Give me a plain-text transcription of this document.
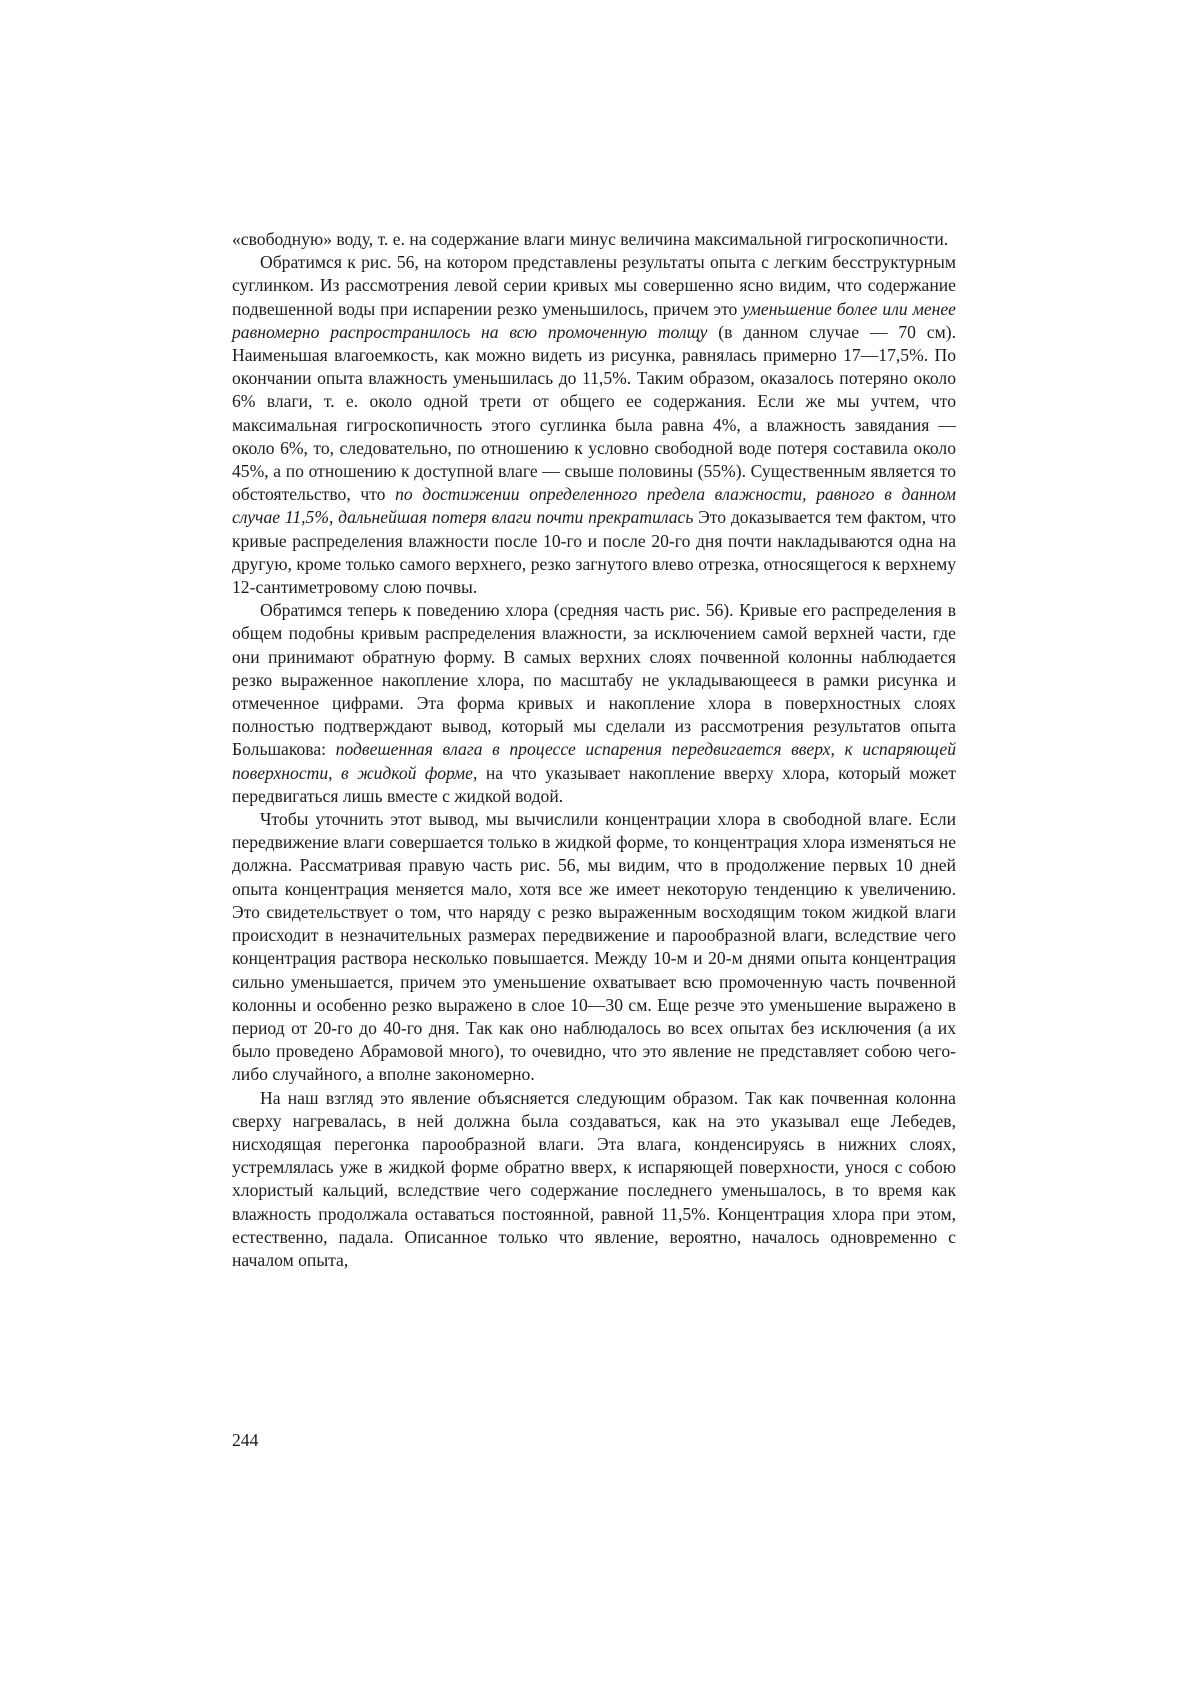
«свободную» воду, т. е. на содержание влаги минус величина максимальной гигроскопичности.

Обратимся к рис. 56, на котором представлены результаты опыта с легким бесструктурным суглинком. Из рассмотрения левой серии кривых мы совершенно ясно видим, что содержание подвешенной воды при испарении резко уменьшилось, причем это уменьшение более или менее равномерно распространилось на всю промоченную толщу (в данном случае — 70 см). Наименьшая влагоемкость, как можно видеть из рисунка, равнялась примерно 17—17,5%. По окончании опыта влажность уменьшилась до 11,5%. Таким образом, оказалось потеряно около 6% влаги, т. е. около одной трети от общего ее содержания. Если же мы учтем, что максимальная гигроскопичность этого суглинка была равна 4%, а влажность завядания — около 6%, то, следовательно, по отношению к условно свободной воде потеря составила около 45%, а по отношению к доступной влаге — свыше половины (55%). Существенным является то обстоятельство, что по достижении определенного предела влажности, равного в данном случае 11,5%, дальнейшая потеря влаги почти прекратилась Это доказывается тем фактом, что кривые распределения влажности после 10-го и после 20-го дня почти накладываются одна на другую, кроме только самого верхнего, резко загнутого влево отрезка, относящегося к верхнему 12-сантиметровому слою почвы.

Обратимся теперь к поведению хлора (средняя часть рис. 56). Кривые его распределения в общем подобны кривым распределения влажности, за исключением самой верхней части, где они принимают обратную форму. В самых верхних слоях почвенной колонны наблюдается резко выраженное накопление хлора, по масштабу не укладывающееся в рамки рисунка и отмеченное цифрами. Эта форма кривых и накопление хлора в поверхностных слоях полностью подтверждают вывод, который мы сделали из рассмотрения результатов опыта Большакова: подвешенная влага в процессе испарения передвигается вверх, к испаряющей поверхности, в жидкой форме, на что указывает накопление вверху хлора, который может передвигаться лишь вместе с жидкой водой.

Чтобы уточнить этот вывод, мы вычислили концентрации хлора в свободной влаге. Если передвижение влаги совершается только в жидкой форме, то концентрация хлора изменяться не должна. Рассматривая правую часть рис. 56, мы видим, что в продолжение первых 10 дней опыта концентрация меняется мало, хотя все же имеет некоторую тенденцию к увеличению. Это свидетельствует о том, что наряду с резко выраженным восходящим током жидкой влаги происходит в незначительных размерах передвижение и парообразной влаги, вследствие чего концентрация раствора несколько повышается. Между 10-м и 20-м днями опыта концентрация сильно уменьшается, причем это уменьшение охватывает всю промоченную часть почвенной колонны и особенно резко выражено в слое 10—30 см. Еще резче это уменьшение выражено в период от 20-го до 40-го дня. Так как оно наблюдалось во всех опытах без исключения (а их было проведено Абрамовой много), то очевидно, что это явление не представляет собою чего-либо случайного, а вполне закономерно.

На наш взгляд это явление объясняется следующим образом. Так как почвенная колонна сверху нагревалась, в ней должна была создаваться, как на это указывал еще Лебедев, нисходящая перегонка парообразной влаги. Эта влага, конденсируясь в нижних слоях, устремлялась уже в жидкой форме обратно вверх, к испаряющей поверхности, унося с собою хлористый кальций, вследствие чего содержание последнего уменьшалось, в то время как влажность продолжала оставаться постоянной, равной 11,5%. Концентрация хлора при этом, естественно, падала. Описанное только что явление, вероятно, началось одновременно с началом опыта,

244
